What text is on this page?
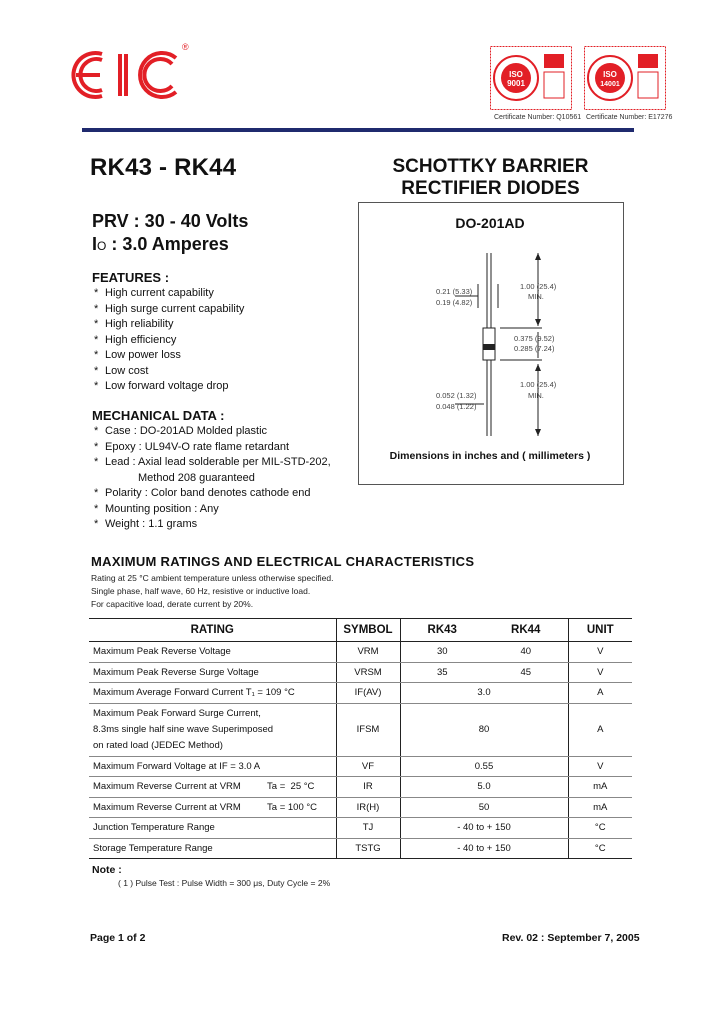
®
ISO
9001
Certificate Number: Q10561
ISO
14001
Certificate Number: E17276
RK43 - RK44	SCHOTTKY BARRIER
RECTIFIER DIODES
PRV : 30 - 40 Volts
IO : 3.0 Amperes
FEATURES :
* High current capability
* High surge current capability
* High reliability
* High efficiency
* Low power loss
* Low cost
* Low forward voltage drop
MECHANICAL DATA :
* Case : DO-201AD Molded plastic
* Epoxy : UL94V-O rate flame retardant
* Lead : Axial lead solderable per MIL-STD-202,
Method 208 guaranteed
* Polarity : Color band denotes cathode end
* Mounting position : Any
* Weight : 1.1 grams
DO-201AD
1.00 (25.4)
MIN.
0.21 (5.33)
0.19 (4.82)
0.375 (9.52)
0.285 (7.24)
1.00 (25.4)
MIN.
0.052 (1.32)
0.048 (1.22)
Dimensions in inches and ( millimeters )
MAXIMUM RATINGS AND ELECTRICAL CHARACTERISTICS
Rating at 25 °C ambient temperature unless otherwise specified.
Single phase, half wave, 60 Hz, resistive or inductive load.
For capacitive load, derate current by 20%.
RATING	SYMBOL	RK43	RK44	UNIT
Maximum Peak Reverse Voltage	VRM	30	40	V
Maximum Peak Reverse Surge Voltage	VRSM	35	45	V
Maximum Average Forward Current T₁ = 109 °C	IF(AV)	3.0		A

Maximum Peak Forward Surge Current,
8.3ms single half sine wave Superimposed
on rated load (JEDEC Method)	IFSM	80		A
Maximum Forward Voltage at IF = 3.0 A	VF	0.55		V
Maximum Reverse Current at VRM          Ta =  25 °C	IR	5.0		mA
Maximum Reverse Current at VRM          Ta = 100 °C	IR(H)	50		mA
Junction Temperature Range	TJ	- 40 to + 150		°C
Storage Temperature Range	TSTG	- 40 to + 150		°C
Note :
( 1 ) Pulse Test : Pulse Width = 300 μs, Duty Cycle = 2%
Page 1 of 2	Rev. 02 : September 7, 2005
